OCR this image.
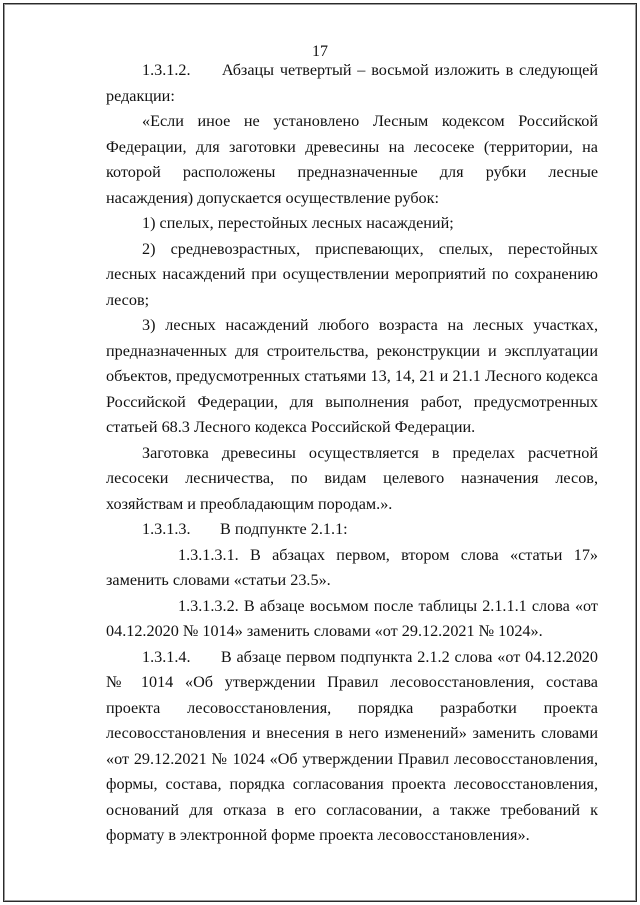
17

1.3.1.2. Абзацы четвертый – восьмой изложить в следующей редакции:

«Если иное не установлено Лесным кодексом Российской Федерации, для заготовки древесины на лесосеке (территории, на которой расположены предназначенные для рубки лесные насаждения) допускается осуществление рубок:

1) спелых, перестойных лесных насаждений;

2) средневозрастных, приспевающих, спелых, перестойных лесных насаждений при осуществлении мероприятий по сохранению лесов;

3) лесных насаждений любого возраста на лесных участках, предназначенных для строительства, реконструкции и эксплуатации объектов, предусмотренных статьями 13, 14, 21 и 21.1 Лесного кодекса Российской Федерации, для выполнения работ, предусмотренных статьей 68.3 Лесного кодекса Российской Федерации.

Заготовка древесины осуществляется в пределах расчетной лесосеки лесничества, по видам целевого назначения лесов, хозяйствам и преобладающим породам.».

1.3.1.3. В подпункте 2.1.1:

1.3.1.3.1. В абзацах первом, втором слова «статьи 17» заменить словами «статьи 23.5».

1.3.1.3.2. В абзаце восьмом после таблицы 2.1.1.1 слова «от 04.12.2020 № 1014» заменить словами «от 29.12.2021 № 1024».

1.3.1.4. В абзаце первом подпункта 2.1.2 слова «от 04.12.2020 № 1014 «Об утверждении Правил лесовосстановления, состава проекта лесовосстановления, порядка разработки проекта лесовосстановления и внесения в него изменений» заменить словами «от 29.12.2021 № 1024 «Об утверждении Правил лесовосстановления, формы, состава, порядка согласования проекта лесовосстановления, оснований для отказа в его согласовании, а также требований к формату в электронной форме проекта лесовосстановления».
